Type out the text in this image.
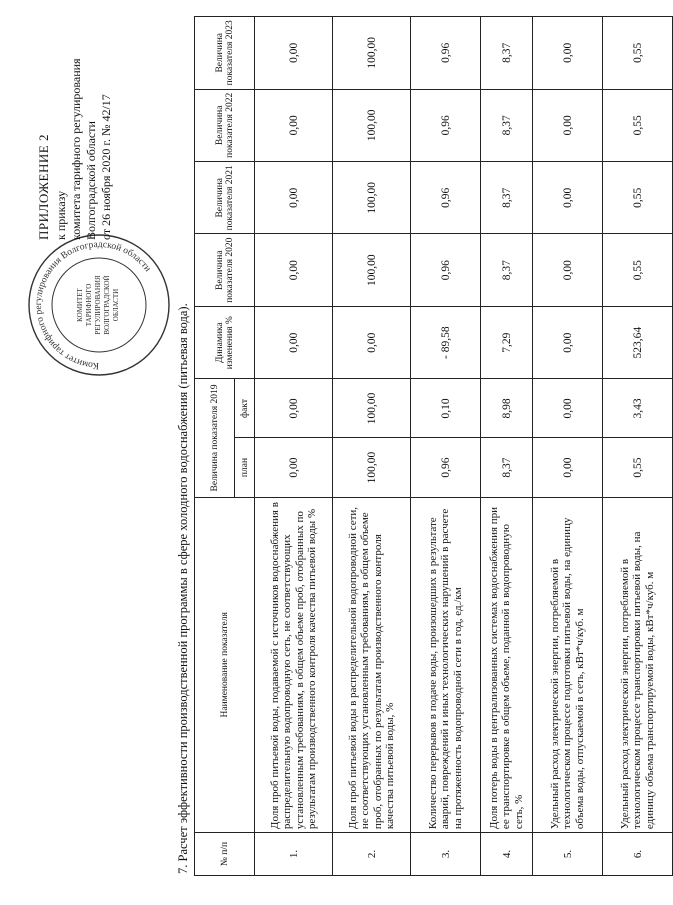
Комитет тарифного регулирования Волгоградской области
КОМИТЕТ ТАРИФНОГО РЕГУЛИРОВАНИЯ ВОЛГОГРАДСКОЙ ОБЛАСТИ
ПРИЛОЖЕНИЕ 2 к приказу комитета тарифного регулирования Волгоградской области от 26 ноября 2020 г. № 42/17
7. Расчет эффективности производственной программы в сфере холодного водоснабжения (питьевая вода).	№ п/п	Наименование показателя	Величина показателя 2019		Динамика изменения %	Величина показателя 2020	Величина показателя 2021	Величина показателя 2022	Величина показателя 2023
		план	факт					
1.	Доля проб питьевой воды, подаваемой с источников водоснабжения в распределительную водопроводную сеть, не соответствующих установленным требованиям, в общем объеме проб, отобранных по результатам производственного контроля качества питьевой воды %	0,00	0,00	0,00	0,00	0,00	0,00	0,00
2.	Доля проб питьевой воды в распределительной водопроводной сети, не соответствующих установленным требованиям, в общем объеме проб, отобранных по результатам производственного контроля качества питьевой воды, %	100,00	100,00	0,00	100,00	100,00	100,00	100,00
3.	Количество перерывов в подаче воды, произошедших в результате аварий, повреждений и иных технологических нарушений в расчете на протяженность водопроводной сети в год, ед./км	0,96	0,10	- 89,58	0,96	0,96	0,96	0,96
4.	Доля потерь воды в централизованных системах водоснабжения при ее транспортировке в общем объеме, поданной в водопроводную сеть, %	8,37	8,98	7,29	8,37	8,37	8,37	8,37
5.	Удельный расход электрической энергии, потребляемой в технологическом процессе подготовки питьевой воды, на единицу объема воды, отпускаемой в сеть, кВт*ч/куб. м	0,00	0,00	0,00	0,00	0,00	0,00	0,00
6.	Удельный расход электрической энергии, потребляемой в технологическом процессе транспортировки питьевой воды, на единицу объема транспортируемой воды, кВт*ч/куб. м	0,55	3,43	523,64	0,55	0,55	0,55	0,55
